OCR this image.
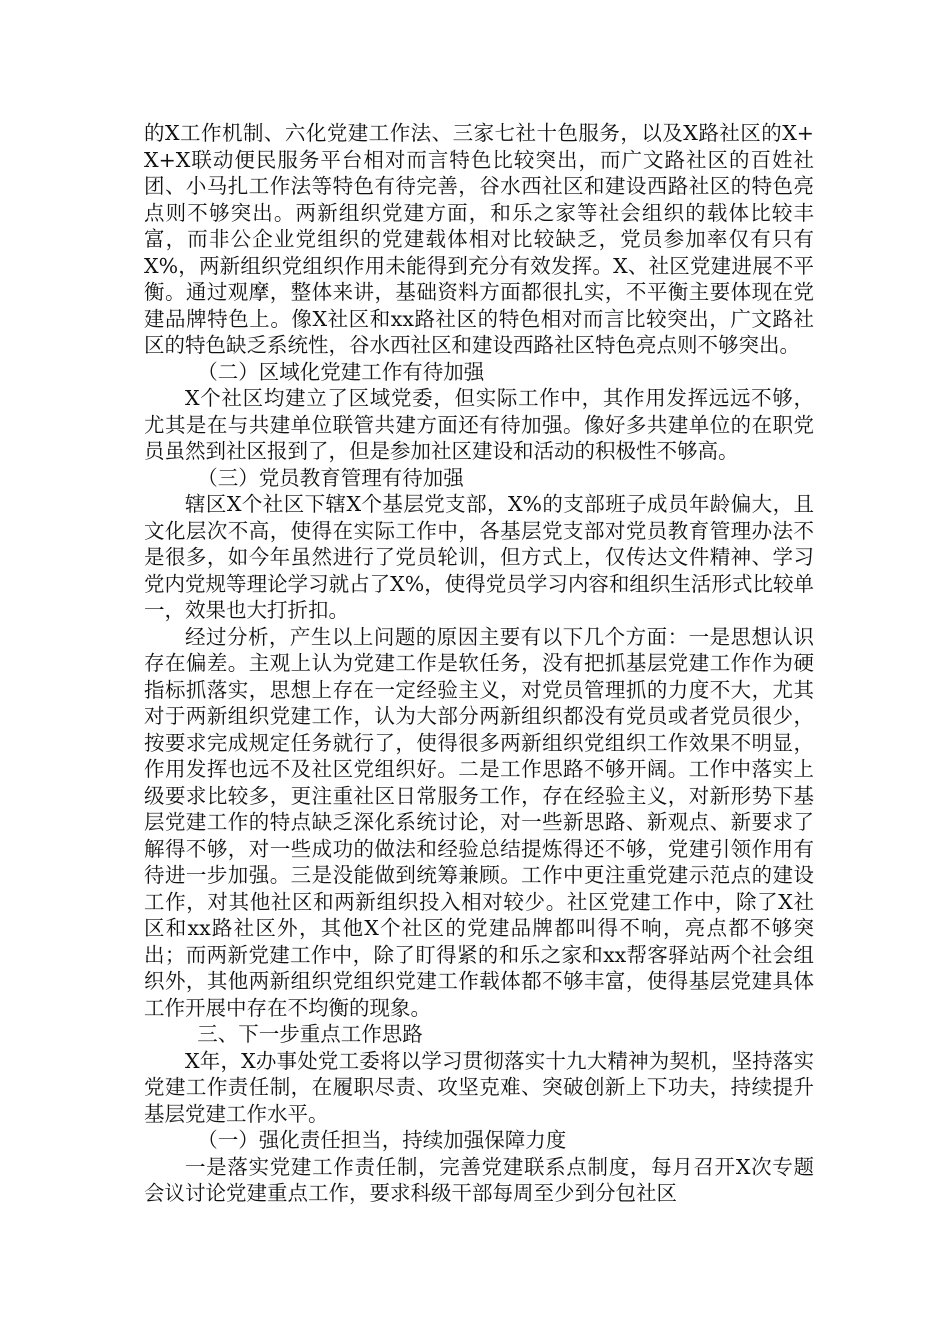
的X工作机制、六化党建工作法、三家七社十色服务，以及X路社区的X+X+X联动便民服务平台相对而言特色比较突出，而广文路社区的百姓社团、小马扎工作法等特色有待完善，谷水西社区和建设西路社区的特色亮点则不够突出。两新组织党建方面，和乐之家等社会组织的载体比较丰富，而非公企业党组织的党建载体相对比较缺乏，党员参加率仅有只有X%，两新组织党组织作用未能得到充分有效发挥。X、社区党建进展不平衡。通过观摩，整体来讲，基础资料方面都很扎实，不平衡主要体现在党建品牌特色上。像X社区和xx路社区的特色相对而言比较突出，广文路社区的特色缺乏系统性，谷水西社区和建设西路社区特色亮点则不够突出。

（二）区域化党建工作有待加强

X个社区均建立了区域党委，但实际工作中，其作用发挥远远不够，尤其是在与共建单位联管共建方面还有待加强。像好多共建单位的在职党员虽然到社区报到了，但是参加社区建设和活动的积极性不够高。

（三）党员教育管理有待加强

辖区X个社区下辖X个基层党支部，X%的支部班子成员年龄偏大，且文化层次不高，使得在实际工作中，各基层党支部对党员教育管理办法不是很多，如今年虽然进行了党员轮训，但方式上，仅传达文件精神、学习党内党规等理论学习就占了X%，使得党员学习内容和组织生活形式比较单一，效果也大打折扣。

经过分析，产生以上问题的原因主要有以下几个方面：一是思想认识存在偏差。主观上认为党建工作是软任务，没有把抓基层党建工作作为硬指标抓落实，思想上存在一定经验主义，对党员管理抓的力度不大，尤其对于两新组织党建工作，认为大部分两新组织都没有党员或者党员很少，按要求完成规定任务就行了，使得很多两新组织党组织工作效果不明显，作用发挥也远不及社区党组织好。二是工作思路不够开阔。工作中落实上级要求比较多，更注重社区日常服务工作，存在经验主义，对新形势下基层党建工作的特点缺乏深化系统讨论，对一些新思路、新观点、新要求了解得不够，对一些成功的做法和经验总结提炼得还不够，党建引领作用有待进一步加强。三是没能做到统筹兼顾。工作中更注重党建示范点的建设工作，对其他社区和两新组织投入相对较少。社区党建工作中，除了X社区和xx路社区外，其他X个社区的党建品牌都叫得不响，亮点都不够突出；而两新党建工作中，除了盯得紧的和乐之家和xx帮客驿站两个社会组织外，其他两新组织党组织党建工作载体都不够丰富，使得基层党建具体工作开展中存在不均衡的现象。

三、下一步重点工作思路

X年，X办事处党工委将以学习贯彻落实十九大精神为契机，坚持落实党建工作责任制，在履职尽责、攻坚克难、突破创新上下功夫，持续提升基层党建工作水平。

（一）强化责任担当，持续加强保障力度

一是落实党建工作责任制，完善党建联系点制度，每月召开X次专题会议讨论党建重点工作，要求科级干部每周至少到分包社区
